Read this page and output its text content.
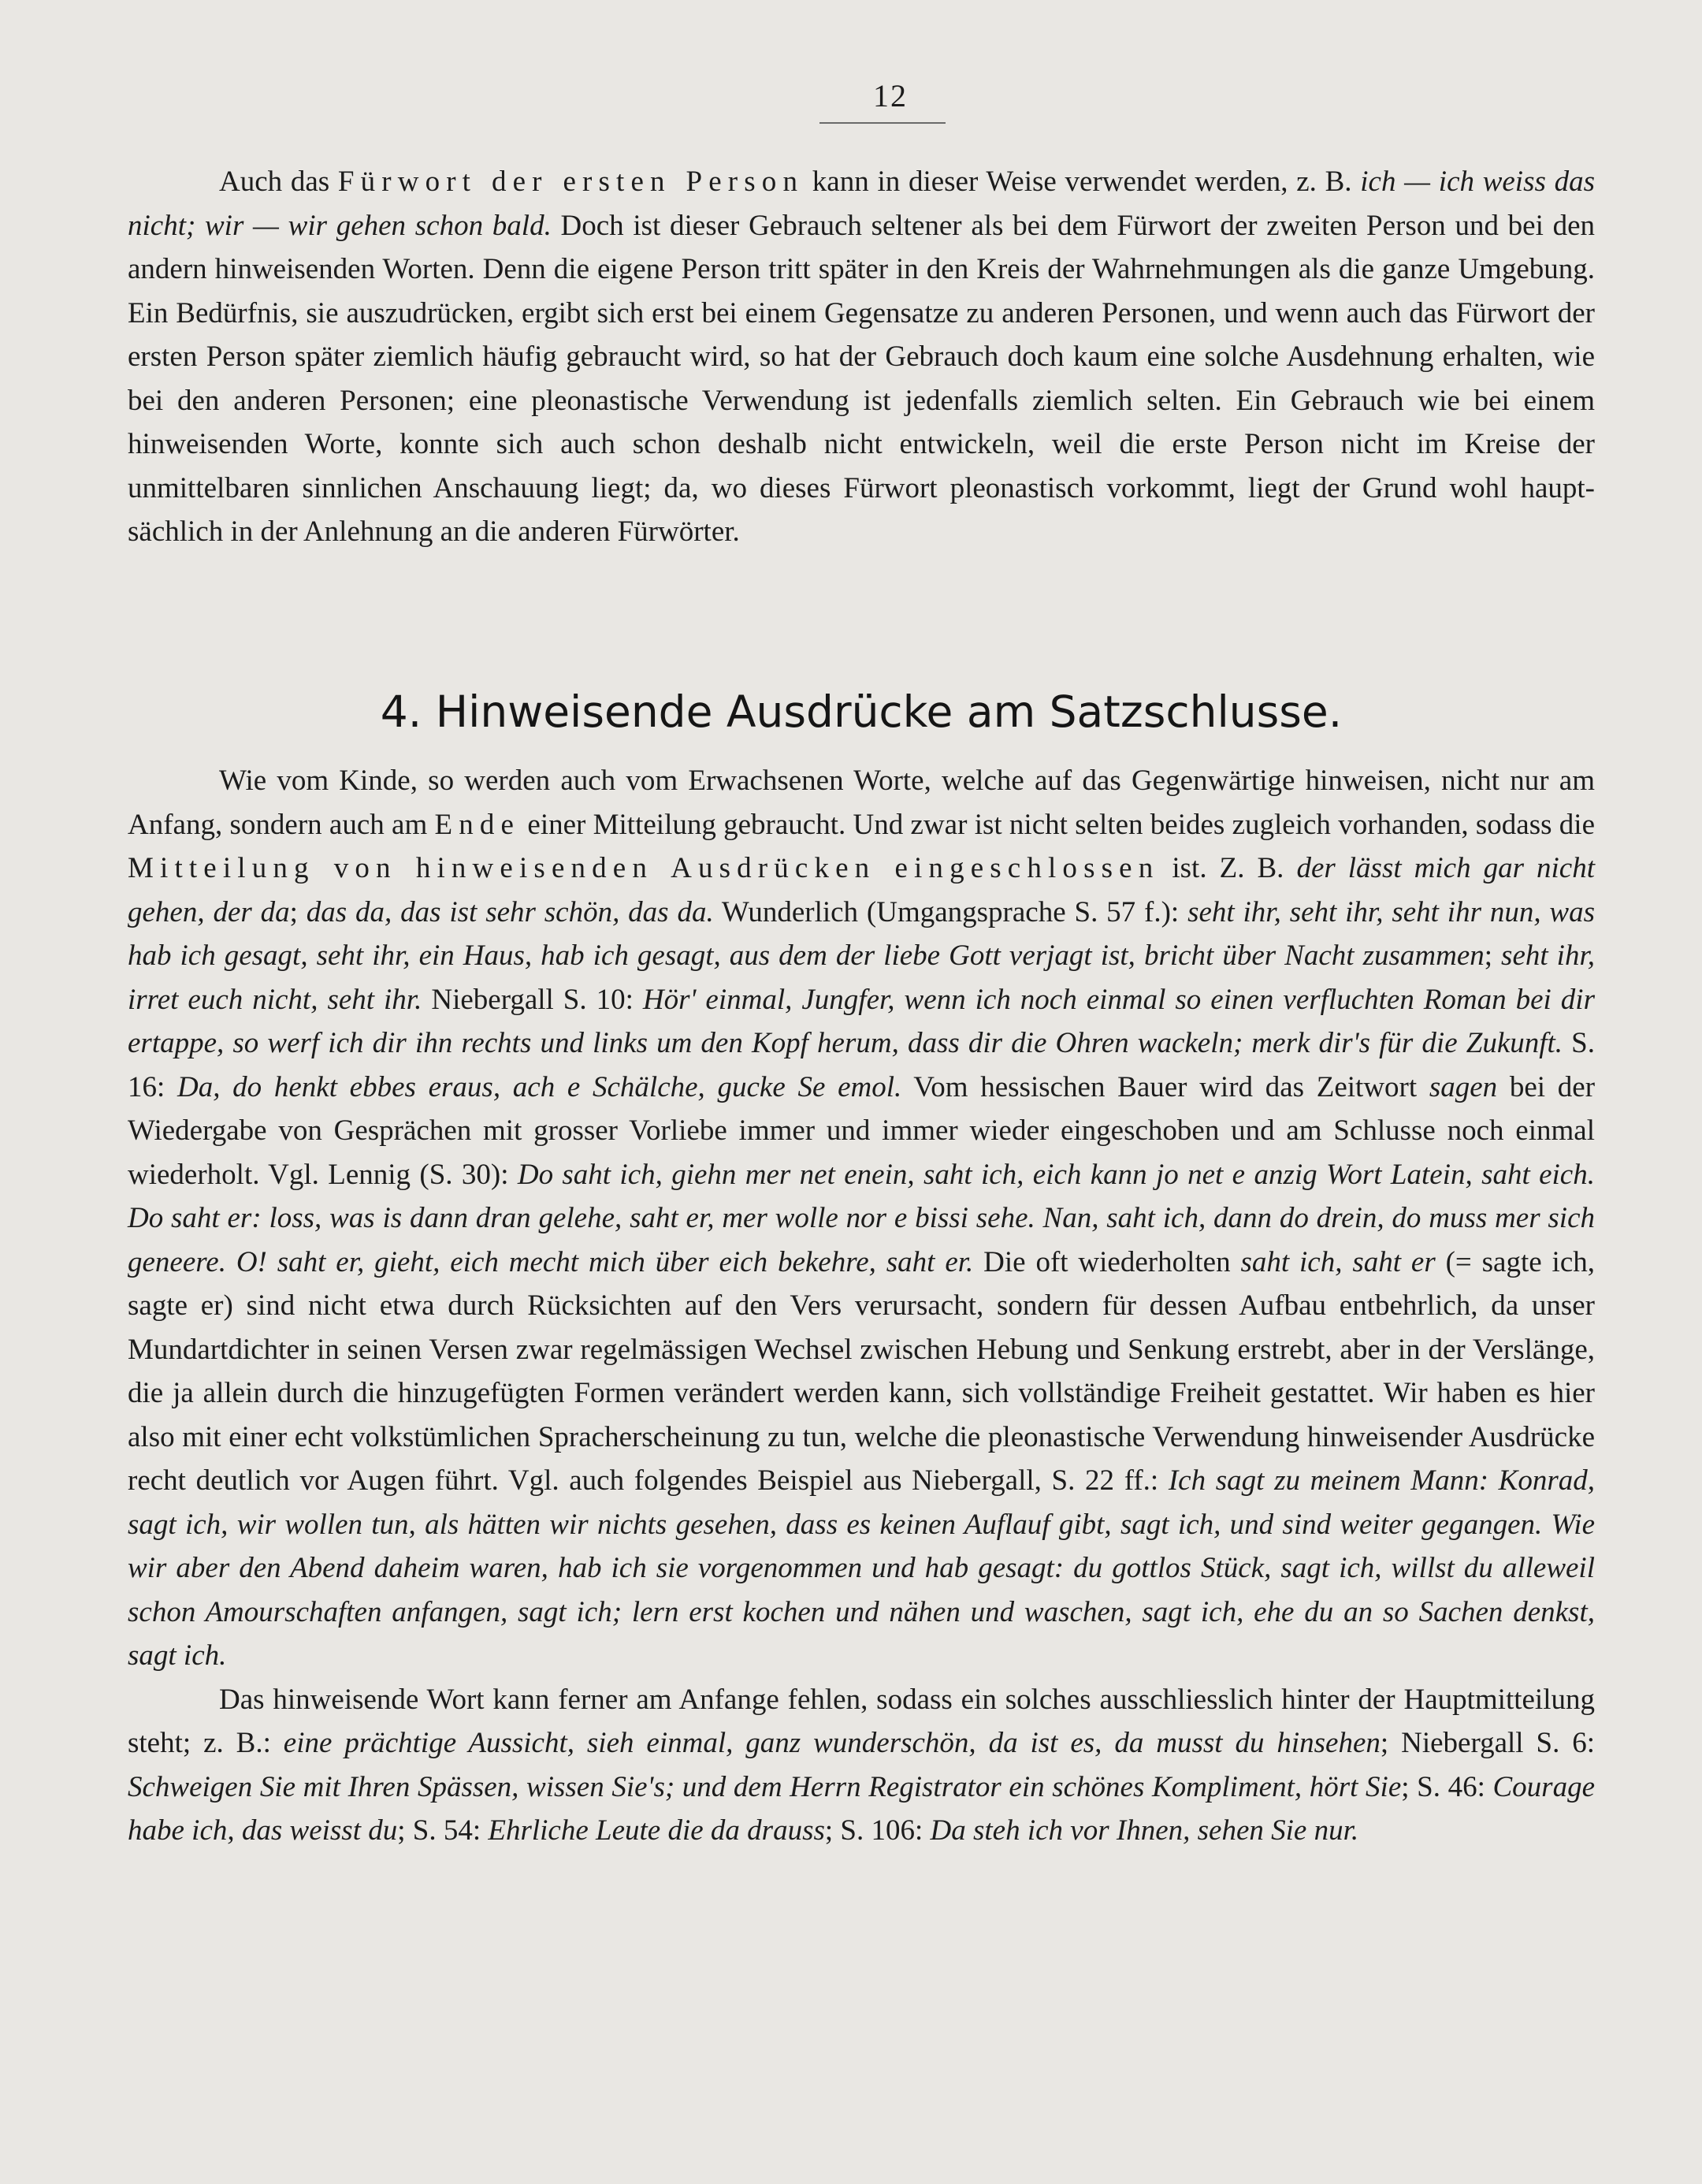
12

Auch das Fürwort der ersten Person kann in dieser Weise verwendet werden, z. B. ich — ich weiss das nicht; wir — wir gehen schon bald. Doch ist dieser Gebrauch seltener als bei dem Fürwort der zweiten Person und bei den andern hinweisenden Worten. Denn die eigene Person tritt später in den Kreis der Wahrnehmungen als die ganze Umgebung. Ein Bedürfnis, sie auszudrücken, ergibt sich erst bei einem Gegensatze zu anderen Personen, und wenn auch das Fürwort der ersten Person später ziemlich häufig gebraucht wird, so hat der Gebrauch doch kaum eine solche Ausdehnung erhalten, wie bei den anderen Personen; eine pleonastische Verwendung ist jedenfalls ziemlich selten. Ein Gebrauch wie bei einem hinweisenden Worte, konnte sich auch schon deshalb nicht entwickeln, weil die erste Person nicht im Kreise der unmittelbaren sinnlichen Anschauung liegt; da, wo dieses Fürwort pleonastisch vorkommt, liegt der Grund wohl hauptsächlich in der Anlehnung an die anderen Fürwörter.

4. Hinweisende Ausdrücke am Satzschlusse.

Wie vom Kinde, so werden auch vom Erwachsenen Worte, welche auf das Gegenwärtige hinweisen, nicht nur am Anfang, sondern auch am Ende einer Mitteilung gebraucht. Und zwar ist nicht selten beides zugleich vorhanden, sodass die Mitteilung von hinweisenden Ausdrücken eingeschlossen ist. Z. B. der lässt mich gar nicht gehen, der da; das da, das ist sehr schön, das da. Wunderlich (Umgangsprache S. 57 f.): seht ihr, seht ihr, seht ihr nun, was hab ich gesagt, seht ihr, ein Haus, hab ich gesagt, aus dem der liebe Gott verjagt ist, bricht über Nacht zusammen; seht ihr, irret euch nicht, seht ihr. Niebergall S. 10: Hör' einmal, Jungfer, wenn ich noch einmal so einen verfluchten Roman bei dir ertappe, so werf ich dir ihn rechts und links um den Kopf herum, dass dir die Ohren wackeln; merk dir's für die Zukunft. S. 16: Da, do henkt ebbes eraus, ach e Schälche, gucke Se emol. Vom hessischen Bauer wird das Zeitwort sagen bei der Wiedergabe von Gesprächen mit grosser Vorliebe immer und immer wieder eingeschoben und am Schlusse noch einmal wiederholt. Vgl. Lennig (S. 30): Do saht ich, giehn mer net enein, saht ich, eich kann jo net e anzig Wort Latein, saht eich. Do saht er: loss, was is dann dran gelehe, saht er, mer wolle nor e bissi sehe. Nan, saht ich, dann do drein, do muss mer sich geneere. O! saht er, gieht, eich mecht mich über eich bekehre, saht er. Die oft wiederholten saht ich, saht er (= sagte ich, sagte er) sind nicht etwa durch Rücksichten auf den Vers verursacht, sondern für dessen Aufbau entbehrlich, da unser Mundartdichter in seinen Versen zwar regelmässigen Wechsel zwischen Hebung und Senkung erstrebt, aber in der Verslänge, die ja allein durch die hinzugefügten Formen verändert werden kann, sich vollständige Freiheit gestattet. Wir haben es hier also mit einer echt volkstümlichen Spracherscheinung zu tun, welche die pleonastische Verwendung hinweisender Ausdrücke recht deutlich vor Augen führt. Vgl. auch folgendes Beispiel aus Niebergall, S. 22 ff.: Ich sagt zu meinem Mann: Konrad, sagt ich, wir wollen tun, als hätten wir nichts gesehen, dass es keinen Auflauf gibt, sagt ich, und sind weiter gegangen. Wie wir aber den Abend daheim waren, hab ich sie vorgenommen und hab gesagt: du gottlos Stück, sagt ich, willst du alleweil schon Amourschaften anfangen, sagt ich; lern erst kochen und nähen und waschen, sagt ich, ehe du an so Sachen denkst, sagt ich.

Das hinweisende Wort kann ferner am Anfange fehlen, sodass ein solches ausschliesslich hinter der Hauptmitteilung steht; z. B.: eine prächtige Aussicht, sieh einmal, ganz wunderschön, da ist es, da musst du hinsehen; Niebergall S. 6: Schweigen Sie mit Ihren Spässen, wissen Sie's; und dem Herrn Registrator ein schönes Kompliment, hört Sie; S. 46: Courage habe ich, das weisst du; S. 54: Ehrliche Leute die da drauss; S. 106: Da steh ich vor Ihnen, sehen Sie nur.
